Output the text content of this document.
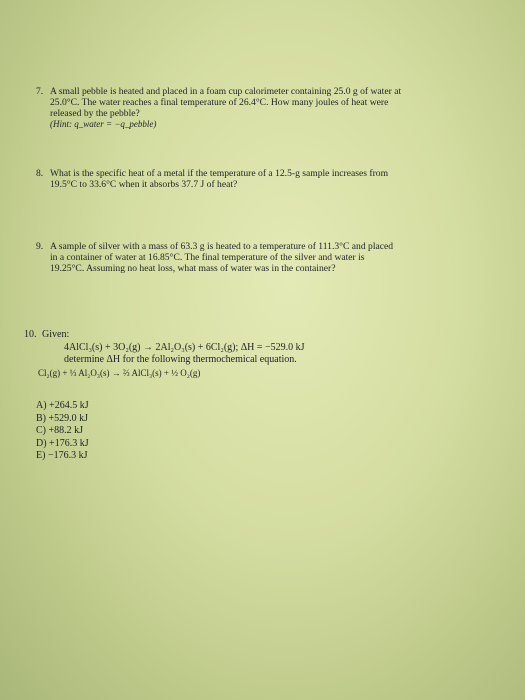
7. A small pebble is heated and placed in a foam cup calorimeter containing 25.0 g of water at
25.0°C. The water reaches a final temperature of 26.4°C. How many joules of heat were
released by the pebble?
(Hint: q_water = −q_pebble)
8. What is the specific heat of a metal if the temperature of a 12.5-g sample increases from
19.5°C to 33.6°C when it absorbs 37.7 J of heat?
9. A sample of silver with a mass of 63.3 g is heated to a temperature of 111.3°C and placed
in a container of water at 16.85°C. The final temperature of the silver and water is
19.25°C. Assuming no heat loss, what mass of water was in the container?
10. Given:
4AlCl₃(s) + 3O₂(g) → 2Al₂O₃(s) + 6Cl₂(g); ΔH = −529.0 kJ
determine ΔH for the following thermochemical equation.
Cl₂(g) + ⅓ Al₂O₃(s) → ⅔ AlCl₃(s) + ½ O₂(g)
A) +264.5 kJ
B) +529.0 kJ
C) +88.2 kJ
D) +176.3 kJ
E) −176.3 kJ
